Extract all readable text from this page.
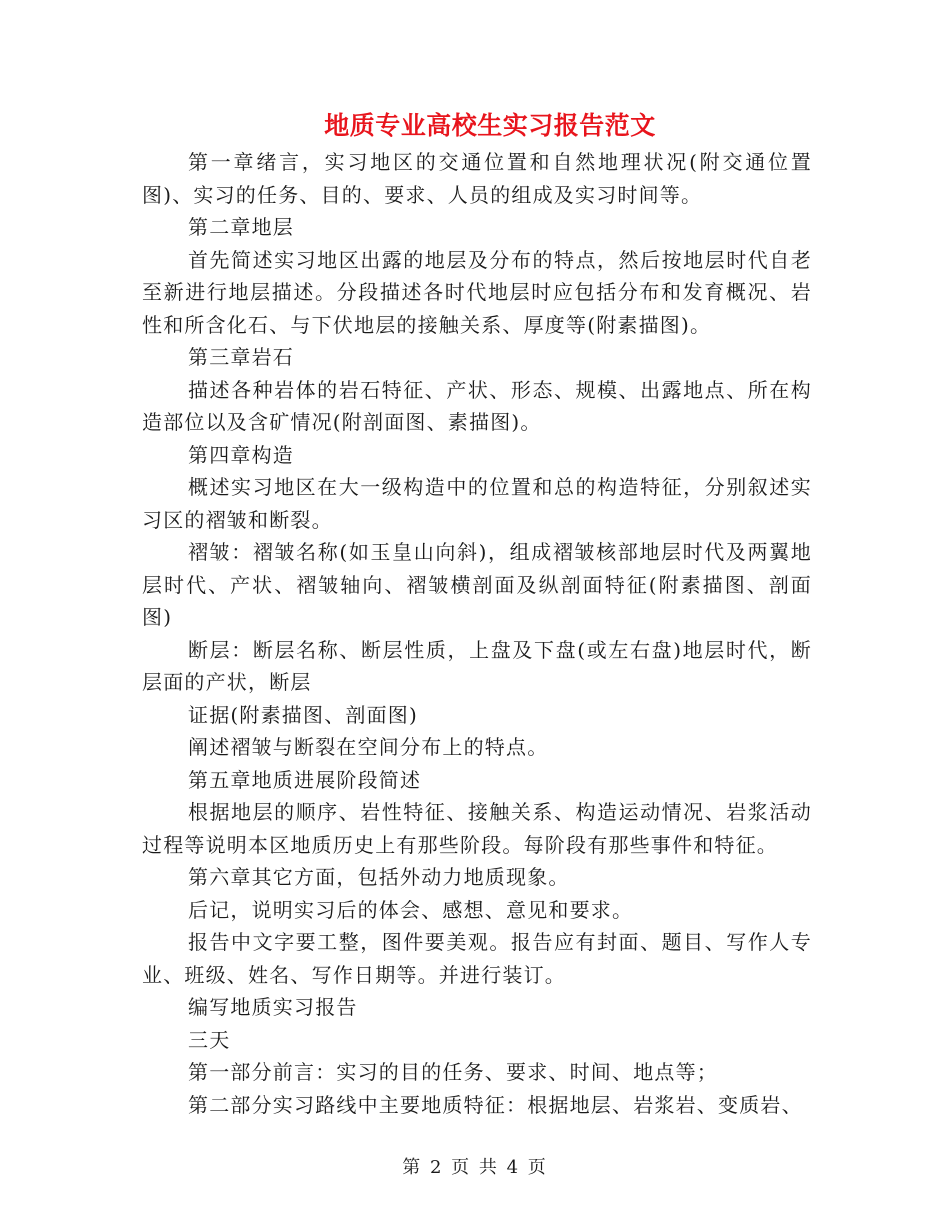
地质专业高校生实习报告范文

第一章绪言，实习地区的交通位置和自然地理状况(附交通位置图)、实习的任务、目的、要求、人员的组成及实习时间等。

第二章地层

首先简述实习地区出露的地层及分布的特点，然后按地层时代自老至新进行地层描述。分段描述各时代地层时应包括分布和发育概况、岩性和所含化石、与下伏地层的接触关系、厚度等(附素描图)。

第三章岩石

描述各种岩体的岩石特征、产状、形态、规模、出露地点、所在构造部位以及含矿情况(附剖面图、素描图)。

第四章构造

概述实习地区在大一级构造中的位置和总的构造特征，分别叙述实习区的褶皱和断裂。

褶皱：褶皱名称(如玉皇山向斜)，组成褶皱核部地层时代及两翼地层时代、产状、褶皱轴向、褶皱横剖面及纵剖面特征(附素描图、剖面图)

断层：断层名称、断层性质，上盘及下盘(或左右盘)地层时代，断层面的产状，断层

证据(附素描图、剖面图)

阐述褶皱与断裂在空间分布上的特点。

第五章地质进展阶段简述

根据地层的顺序、岩性特征、接触关系、构造运动情况、岩浆活动过程等说明本区地质历史上有那些阶段。每阶段有那些事件和特征。

第六章其它方面，包括外动力地质现象。

后记，说明实习后的体会、感想、意见和要求。

报告中文字要工整，图件要美观。报告应有封面、题目、写作人专业、班级、姓名、写作日期等。并进行装订。

编写地质实习报告

三天

第一部分前言：实习的目的任务、要求、时间、地点等；

第二部分实习路线中主要地质特征：根据地层、岩浆岩、变质岩、

第 2 页 共 4 页
